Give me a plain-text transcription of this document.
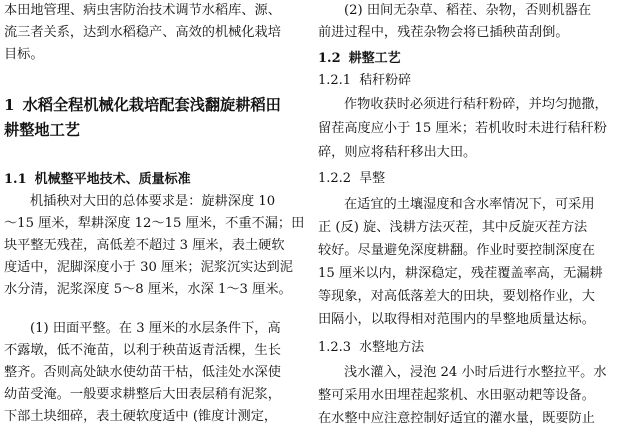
本田地管理、病虫害防治技术调节水稻库、源、
流三者关系，达到水稻稳产、高效的机械化栽培
目标。
1 水稻全程机械化栽培配套浅翻旋耕稻田
耕整地工艺
1.1 机械整平地技术、质量标准
机插秧对大田的总体要求是：旋耕深度 10
～15 厘米，犁耕深度 12～15 厘米，不重不漏；田
块平整无残茬，高低差不超过 3 厘米，表土硬软
度适中，泥脚深度小于 30 厘米；泥浆沉实达到泥
水分清，泥浆深度 5～8 厘米，水深 1～3 厘米。
(1) 田面平整。在 3 厘米的水层条件下，高
不露墩，低不淹苗，以利于秧苗返青活棵，生长
整齐。否则高处缺水使幼苗干枯，低洼处水深使
幼苗受淹。一般要求耕整后大田表层稍有泥浆，
下部土块细碎，表土硬软度适中 (锥度计测定，
(2) 田间无杂草、稻茬、杂物，否则机器在
前进过程中，残茬杂物会将已插秧苗刮倒。
1.2 耕整工艺
1.2.1 秸秆粉碎
作物收获时必须进行秸秆粉碎，并均匀抛撒，
留茬高度应小于 15 厘米；若机收时未进行秸秆粉
碎，则应将秸秆移出大田。
1.2.2 旱整
在适宜的土壤湿度和含水率情况下，可采用
正 (反) 旋、浅耕方法灭茬，其中反旋灭茬方法
较好。尽量避免深度耕翻。作业时要控制深度在
15 厘米以内，耕深稳定，残茬覆盖率高，无漏耕
等现象，对高低落差大的田块，要划格作业，大
田隔小，以取得相对范围内的旱整地质量达标。
1.2.3 水整地方法
浅水灌入，浸泡 24 小时后进行水整拉平。水
整可采用水田埋茬起浆机、水田驱动耙等设备。
在水整中应注意控制好适宜的灌水量，既要防止
